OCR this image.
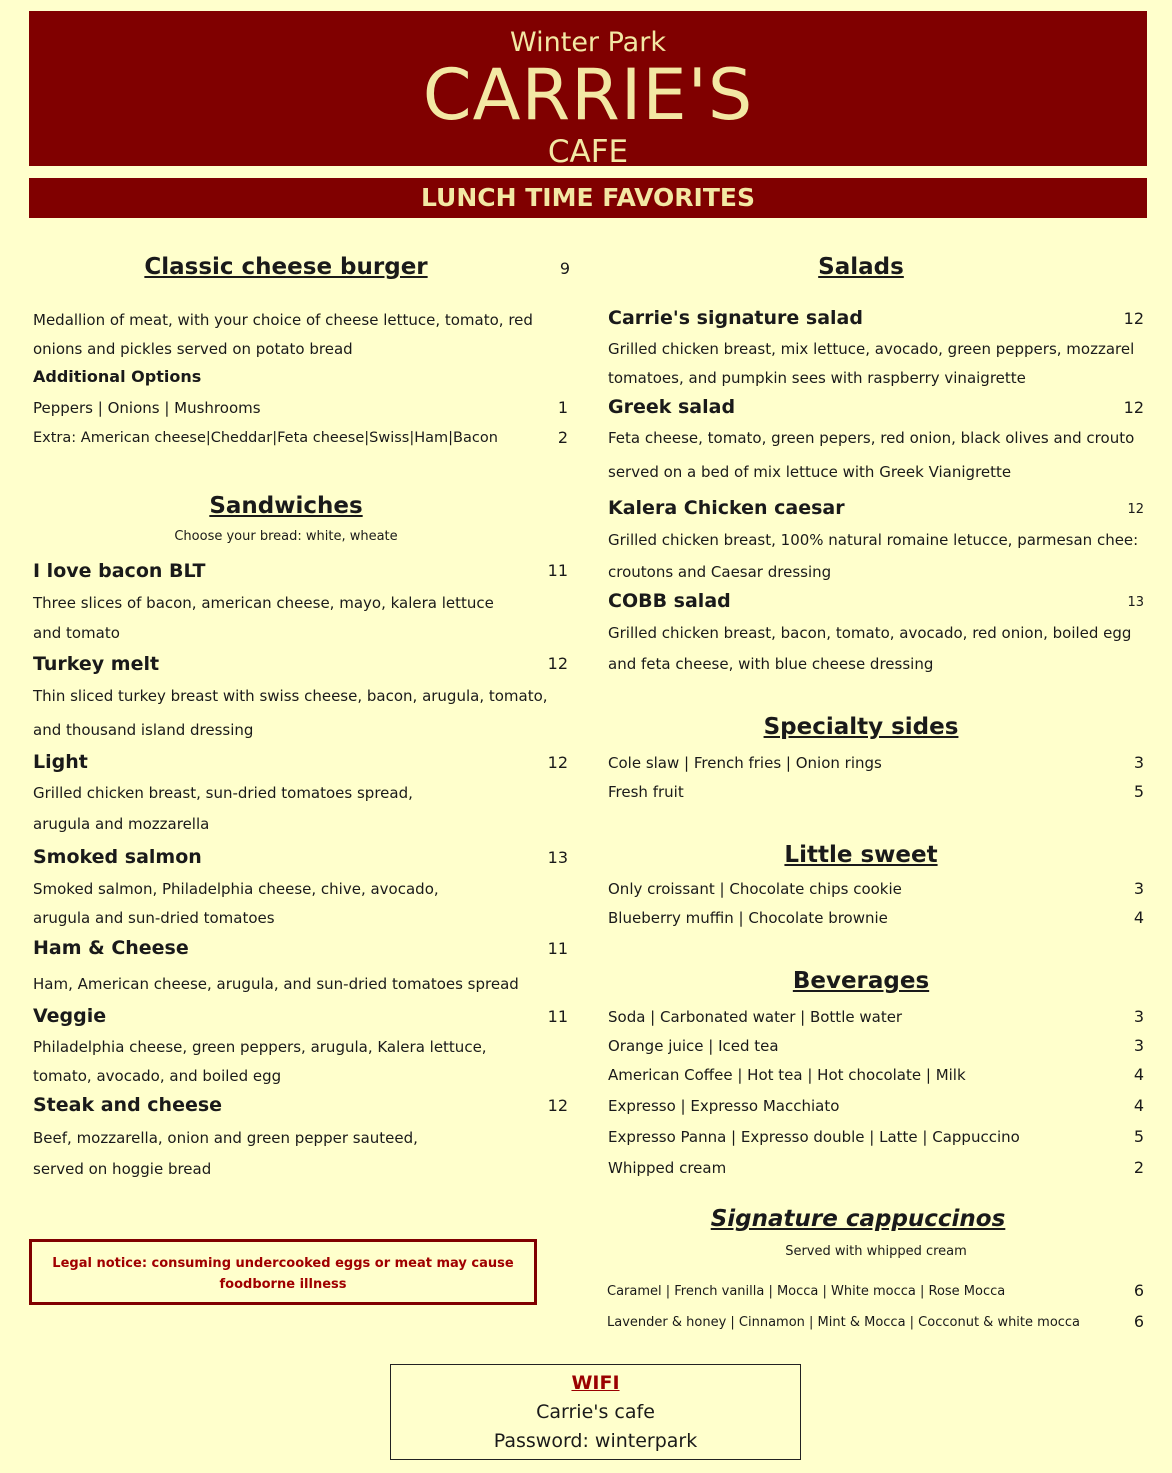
Winter Park
CARRIE'S
CAFE
LUNCH TIME FAVORITES
Classic cheese burger	9
Medallion of meat, with your choice of cheese lettuce, tomato, red
onions and pickles served on potato bread
Additional Options
Peppers | Onions | Mushrooms	1
Extra: American cheese|Cheddar|Feta cheese|Swiss|Ham|Bacon	2
Sandwiches
Choose your bread: white, wheate
I love bacon BLT	11
Three slices of bacon, american cheese, mayo, kalera lettuce
and tomato
Turkey melt	12
Thin sliced turkey breast with swiss cheese, bacon, arugula, tomato,
and thousand island dressing
Light	12
Grilled chicken breast, sun-dried tomatoes spread,
arugula and mozzarella
Smoked salmon	13
Smoked salmon, Philadelphia cheese, chive, avocado,
arugula and sun-dried tomatoes
Ham & Cheese	11
Ham, American cheese, arugula, and sun-dried tomatoes spread
Veggie	11
Philadelphia cheese, green peppers, arugula, Kalera lettuce,
tomato, avocado, and boiled egg
Steak and cheese	12
Beef, mozzarella, onion and green pepper sauteed,
served on hoggie bread
Legal notice: consuming undercooked eggs or meat may cause foodborne illness
Salads
Carrie's signature salad	12
Grilled chicken breast, mix lettuce, avocado, green peppers, mozzarel
tomatoes, and pumpkin sees with raspberry vinaigrette
Greek salad	12
Feta cheese, tomato, green pepers, red onion, black olives and crouto
served on a bed of mix lettuce with Greek Vianigrette
Kalera Chicken caesar	12
Grilled chicken breast, 100% natural romaine letucce, parmesan chee:
croutons and Caesar dressing
COBB salad	13
Grilled chicken breast, bacon, tomato, avocado, red onion, boiled egg
and feta cheese, with blue cheese dressing
Specialty sides
Cole slaw | French fries | Onion rings	3
Fresh fruit	5
Little sweet
Only croissant | Chocolate chips cookie	3
Blueberry muffin | Chocolate brownie	4
Beverages
Soda | Carbonated water | Bottle water	3
Orange juice | Iced tea	3
American Coffee | Hot tea | Hot chocolate | Milk	4
Expresso | Expresso Macchiato	4
Expresso Panna | Expresso double | Latte | Cappuccino	5
Whipped cream	2
Signature cappuccinos
Served with whipped cream
Caramel | French vanilla | Mocca | White mocca | Rose Mocca	6
Lavender & honey | Cinnamon | Mint & Mocca | Cocconut & white mocca	6
WIFI
Carrie's cafe
Password: winterpark
